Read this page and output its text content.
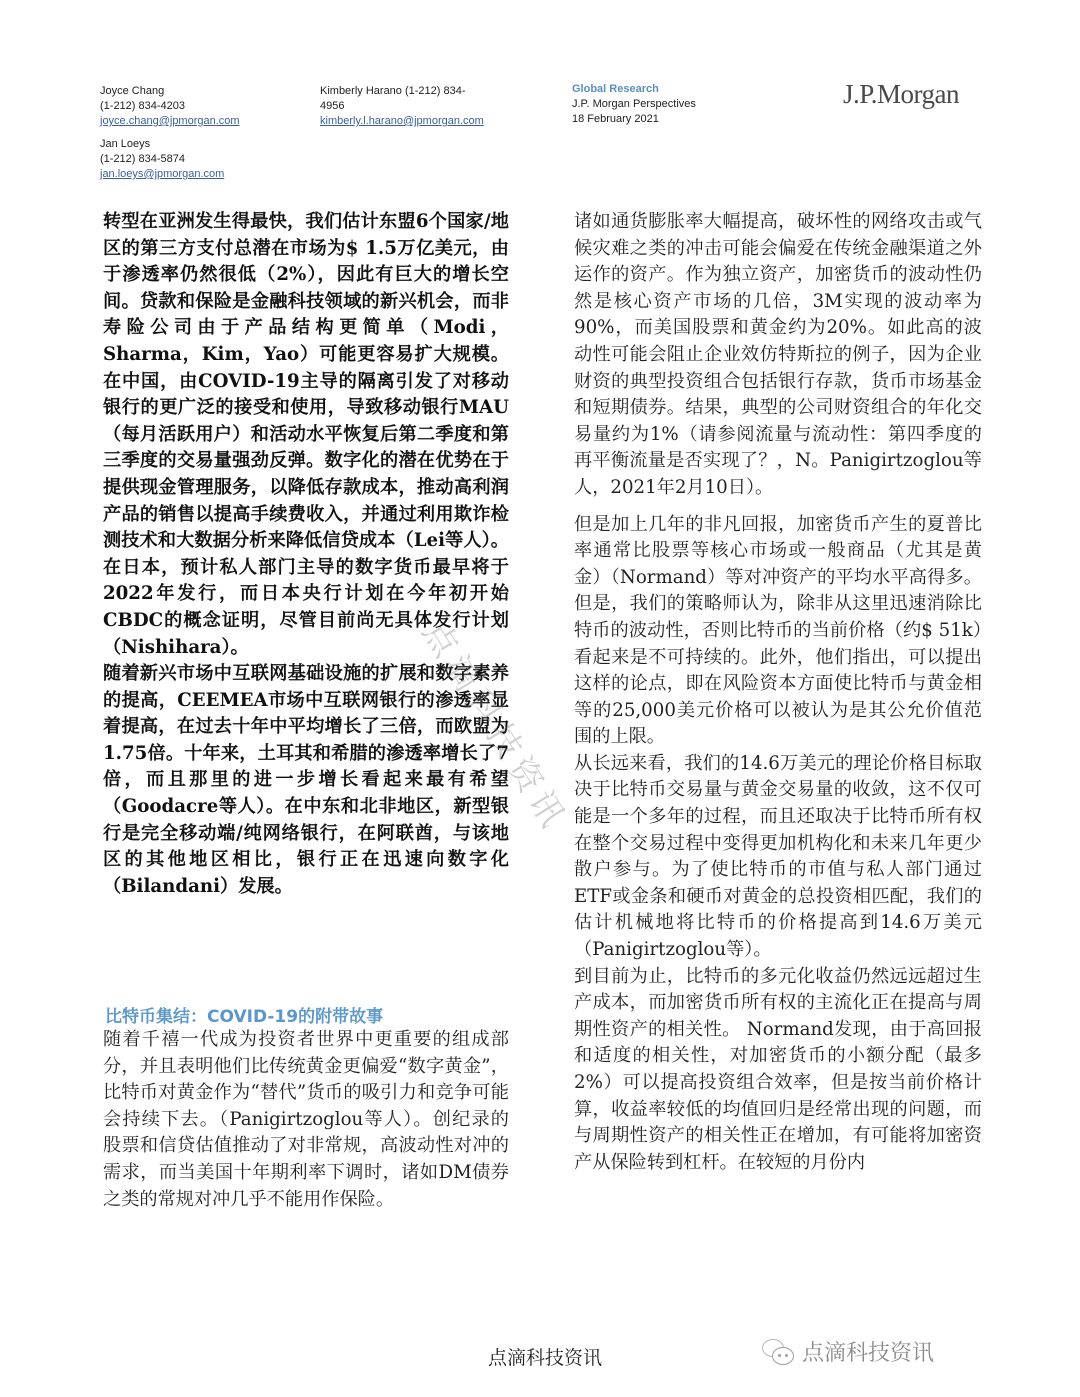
Joyce Chang
(1-212) 834-4203
joyce.chang@jpmorgan.com
Kimberly Harano (1-212) 834-
4956
kimberly.l.harano@jpmorgan.com
Jan Loeys
(1-212) 834-5874
jan.loeys@jpmorgan.com
Global Research
J.P. Morgan Perspectives
18 February 2021
J.P.Morgan

转型在亚洲发生得最快，我们估计东盟6个国家/地区的第三方支付总潜在市场为$ 1.5万亿美元，由于渗透率仍然很低（2%），因此有巨大的增长空间。贷款和保险是金融科技领域的新兴机会，而非寿险公司由于产品结构更简单（Modi，Sharma，Kim，Yao）可能更容易扩大规模。在中国，由COVID-19主导的隔离引发了对移动银行的更广泛的接受和使用，导致移动银行MAU（每月活跃用户）和活动水平恢复后第二季度和第三季度的交易量强劲反弹。数字化的潜在优势在于提供现金管理服务，以降低存款成本，推动高利润产品的销售以提高手续费收入，并通过利用欺诈检测技术和大数据分析来降低信贷成本（Lei等人）。在日本，预计私人部门主导的数字货币最早将于2022年发行，而日本央行计划在今年初开始CBDC的概念证明，尽管目前尚无具体发行计划（Nishihara）。

随着新兴市场中互联网基础设施的扩展和数字素养的提高，CEEMEA市场中互联网银行的渗透率显着提高，在过去十年中平均增长了三倍，而欧盟为1.75倍。十年来，土耳其和希腊的渗透率增长了7倍，而且那里的进一步增长看起来最有希望（Goodacre等人）。在中东和北非地区，新型银行是完全移动端/纯网络银行，在阿联酋，与该地区的其他地区相比，银行正在迅速向数字化（Bilandani）发展。

比特币集结：COVID-19的附带故事

随着千禧一代成为投资者世界中更重要的组成部分，并且表明他们比传统黄金更偏爱“数字黄金”，比特币对黄金作为“替代”货币的吸引力和竞争可能会持续下去。（Panigirtzoglou等人）。创纪录的股票和信贷估值推动了对非常规，高波动性对冲的需求，而当美国十年期利率下调时，诸如DM债券之类的常规对冲几乎不能用作保险。

诸如通货膨胀率大幅提高，破坏性的网络攻击或气候灾难之类的冲击可能会偏爱在传统金融渠道之外运作的资产。作为独立资产，加密货币的波动性仍然是核心资产市场的几倍，3M实现的波动率为90%，而美国股票和黄金约为20%。如此高的波动性可能会阻止企业效仿特斯拉的例子，因为企业财资的典型投资组合包括银行存款，货币市场基金和短期债券。结果，典型的公司财资组合的年化交易量约为1%（请参阅流量与流动性：第四季度的再平衡流量是否实现了？，N。Panigirtzoglou等人，2021年2月10日）。

但是加上几年的非凡回报，加密货币产生的夏普比率通常比股票等核心市场或一般商品（尤其是黄金）（Normand）等对冲资产的平均水平高得多。但是，我们的策略师认为，除非从这里迅速消除比特币的波动性，否则比特币的当前价格（约$ 51k）看起来是不可持续的。此外，他们指出，可以提出这样的论点，即在风险资本方面使比特币与黄金相等的25,000美元价格可以被认为是其公允价值范围的上限。

从长远来看，我们的14.6万美元的理论价格目标取决于比特币交易量与黄金交易量的收敛，这不仅可能是一个多年的过程，而且还取决于比特币所有权在整个交易过程中变得更加机构化和未来几年更少散户参与。为了使比特币的市值与私人部门通过ETF或金条和硬币对黄金的总投资相匹配，我们的估计机械地将比特币的价格提高到14.6万美元（Panigirtzoglou等）。

到目前为止，比特币的多元化收益仍然远远超过生产成本，而加密货币所有权的主流化正在提高与周期性资产的相关性。 Normand发现，由于高回报和适度的相关性，对加密货币的小额分配（最多2%）可以提高投资组合效率，但是按当前价格计算，收益率较低的均值回归是经常出现的问题，而与周期性资产的相关性正在增加，有可能将加密资产从保险转到杠杆。在较短的月份内

点滴科技资讯
点滴科技资讯	点滴科技资讯
